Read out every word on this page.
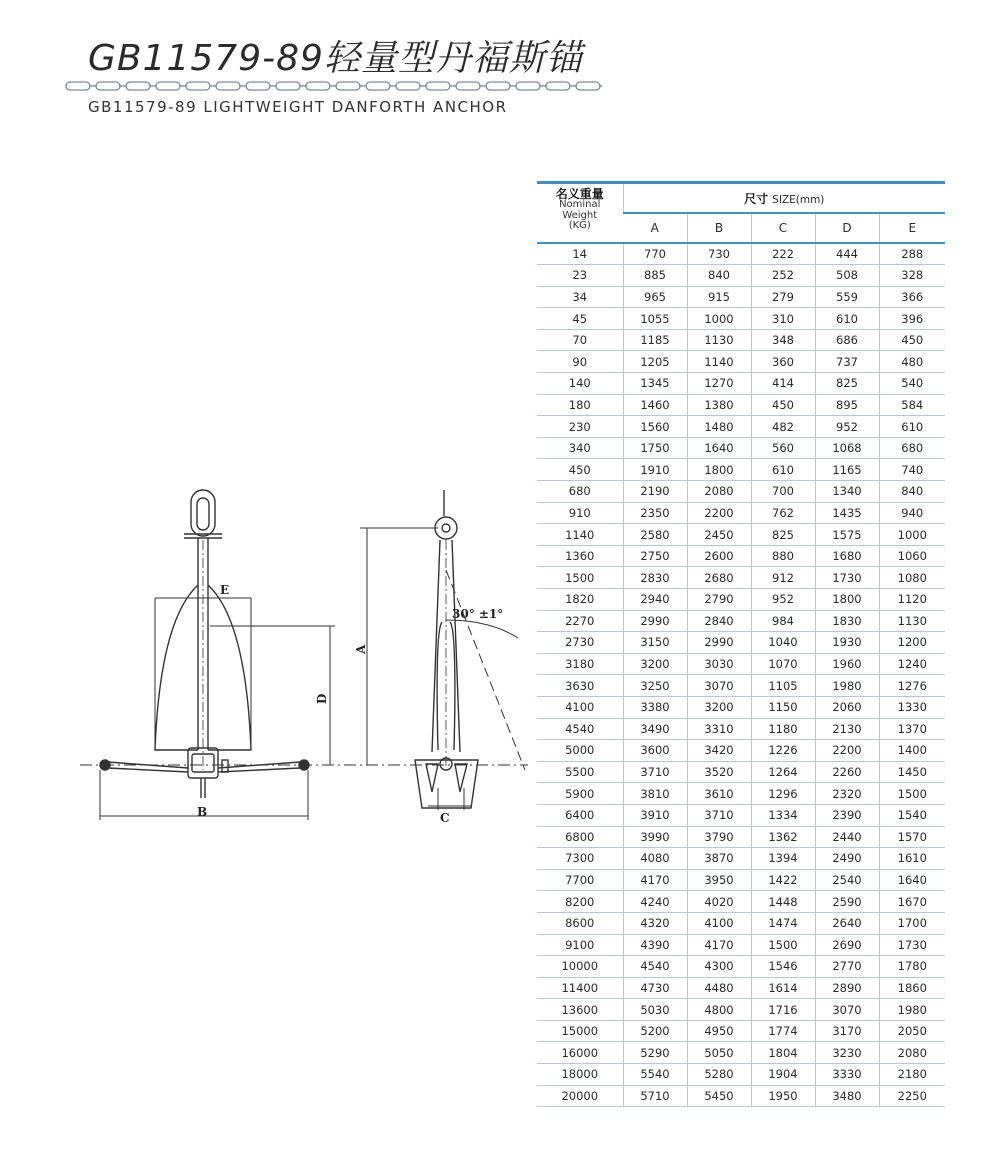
GB11579-89轻量型丹福斯锚
GB11579-89 LIGHTWEIGHT DANFORTH ANCHOR
E
D
B
30° ±1°
A
C
名义重量
Nominal
Weight
(KG)	尺寸 SIZE(mm)				
	A	B	C	D	E
14	770	730	222	444	288
23	885	840	252	508	328
34	965	915	279	559	366
45	1055	1000	310	610	396
70	1185	1130	348	686	450
90	1205	1140	360	737	480
140	1345	1270	414	825	540
180	1460	1380	450	895	584
230	1560	1480	482	952	610
340	1750	1640	560	1068	680
450	1910	1800	610	1165	740
680	2190	2080	700	1340	840
910	2350	2200	762	1435	940
1140	2580	2450	825	1575	1000
1360	2750	2600	880	1680	1060
1500	2830	2680	912	1730	1080
1820	2940	2790	952	1800	1120
2270	2990	2840	984	1830	1130
2730	3150	2990	1040	1930	1200
3180	3200	3030	1070	1960	1240
3630	3250	3070	1105	1980	1276
4100	3380	3200	1150	2060	1330
4540	3490	3310	1180	2130	1370
5000	3600	3420	1226	2200	1400
5500	3710	3520	1264	2260	1450
5900	3810	3610	1296	2320	1500
6400	3910	3710	1334	2390	1540
6800	3990	3790	1362	2440	1570
7300	4080	3870	1394	2490	1610
7700	4170	3950	1422	2540	1640
8200	4240	4020	1448	2590	1670
8600	4320	4100	1474	2640	1700
9100	4390	4170	1500	2690	1730
10000	4540	4300	1546	2770	1780
11400	4730	4480	1614	2890	1860
13600	5030	4800	1716	3070	1980
15000	5200	4950	1774	3170	2050
16000	5290	5050	1804	3230	2080
18000	5540	5280	1904	3330	2180
20000	5710	5450	1950	3480	2250
